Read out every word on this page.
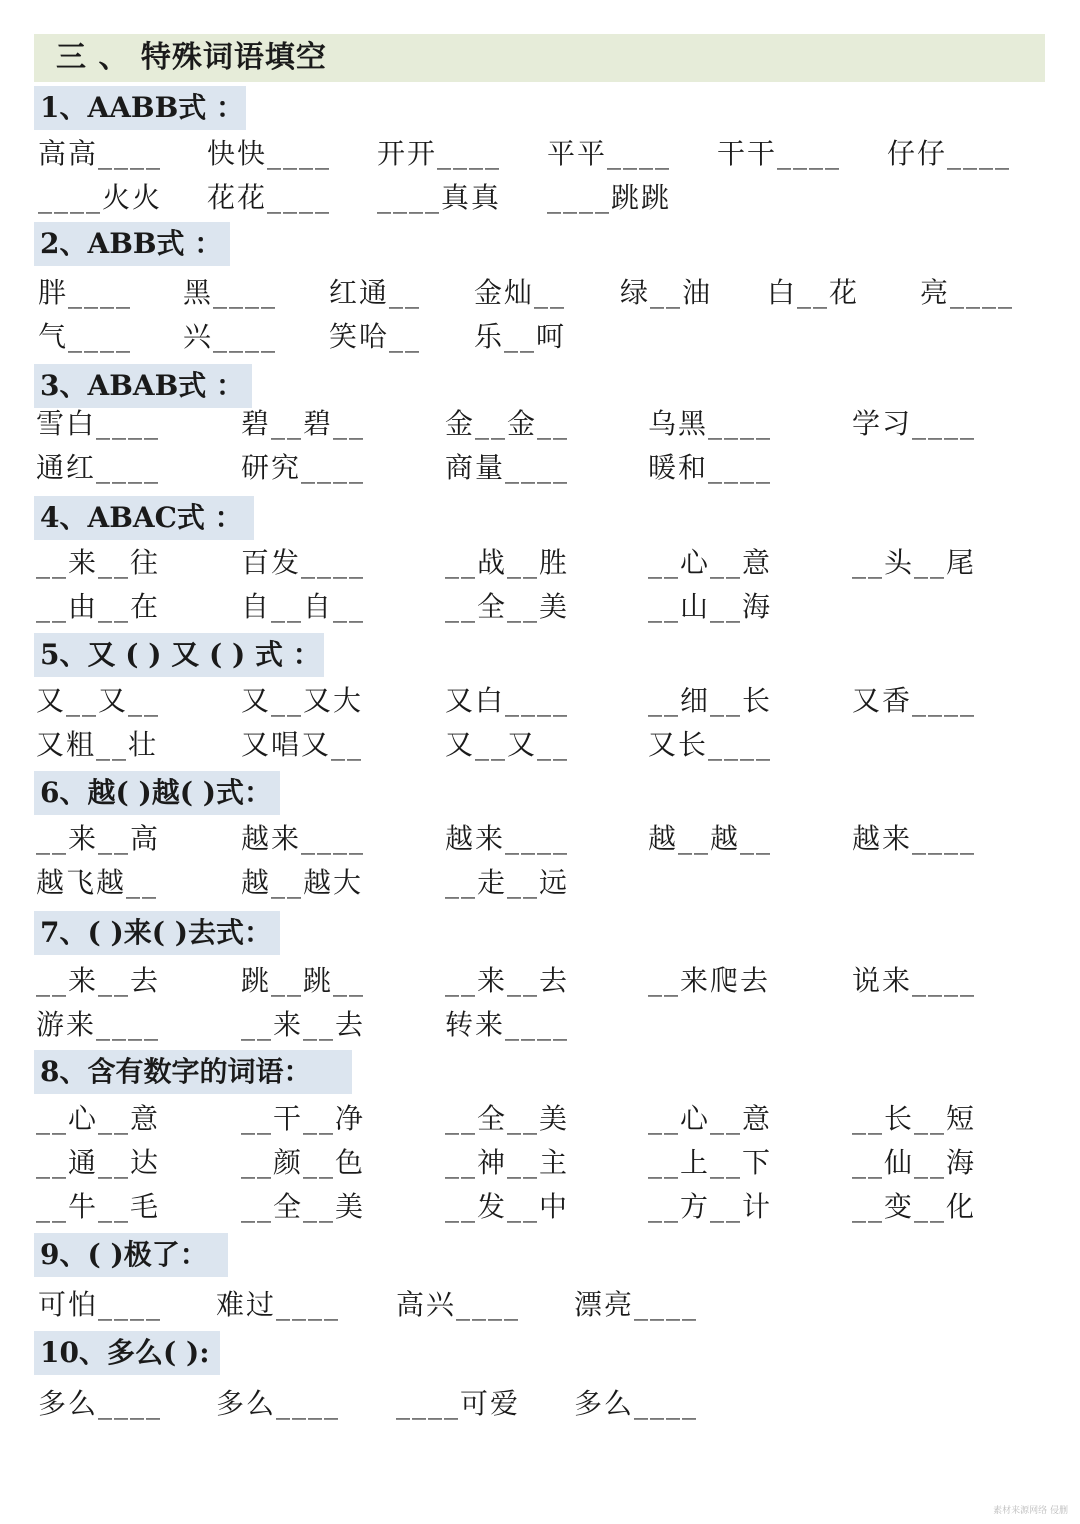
三 、 特殊词语填空
1、AABB式 ：
高高____ 快快____ 开开____ 平平____ 干干____ 仔仔____
____火火 花花____ ____真真 ____跳跳
2、ABB式 ：
胖____ 黑____ 红通__ 金灿__ 绿__油 白__花 亮____
气____ 兴____ 笑哈__ 乐__呵
3、ABAB式 ：
雪白____	碧__碧__	金__金__	乌黑____	学习____
通红____	研究____	商量____	暖和____
4、ABAC式 ：
__来__往	百发____	__战__胜	__心__意	__头__尾
__由__在	自__自__	__全__美	__山__海
5、又 ( ) 又 ( ) 式 ：
又__又__	又__又大	又白____	__细__长	又香____
又粗__壮	又唱又__	又__又__	又长____
6、越( )越( )式：
__来__高	越来____	越来____	越__越__	越来____
越飞越__	越__越大	__走__远
7、( )来( )去式：
__来__去	跳__跳__	__来__去	__来爬去	说来____
游来____	__来__去	转来____
8、含有数字的词语：
__心__意	__干__净	__全__美	__心__意	__长__短
__通__达	__颜__色	__神__主	__上__下	__仙__海
__牛__毛	__全__美	__发__中	__方__计	__变__化
9、( )极了：
可怕____ 难过____ 高兴____ 漂亮____
10、多么( ):
多么____ 多么____ ____可爱 多么____
素材来源网络 侵删
